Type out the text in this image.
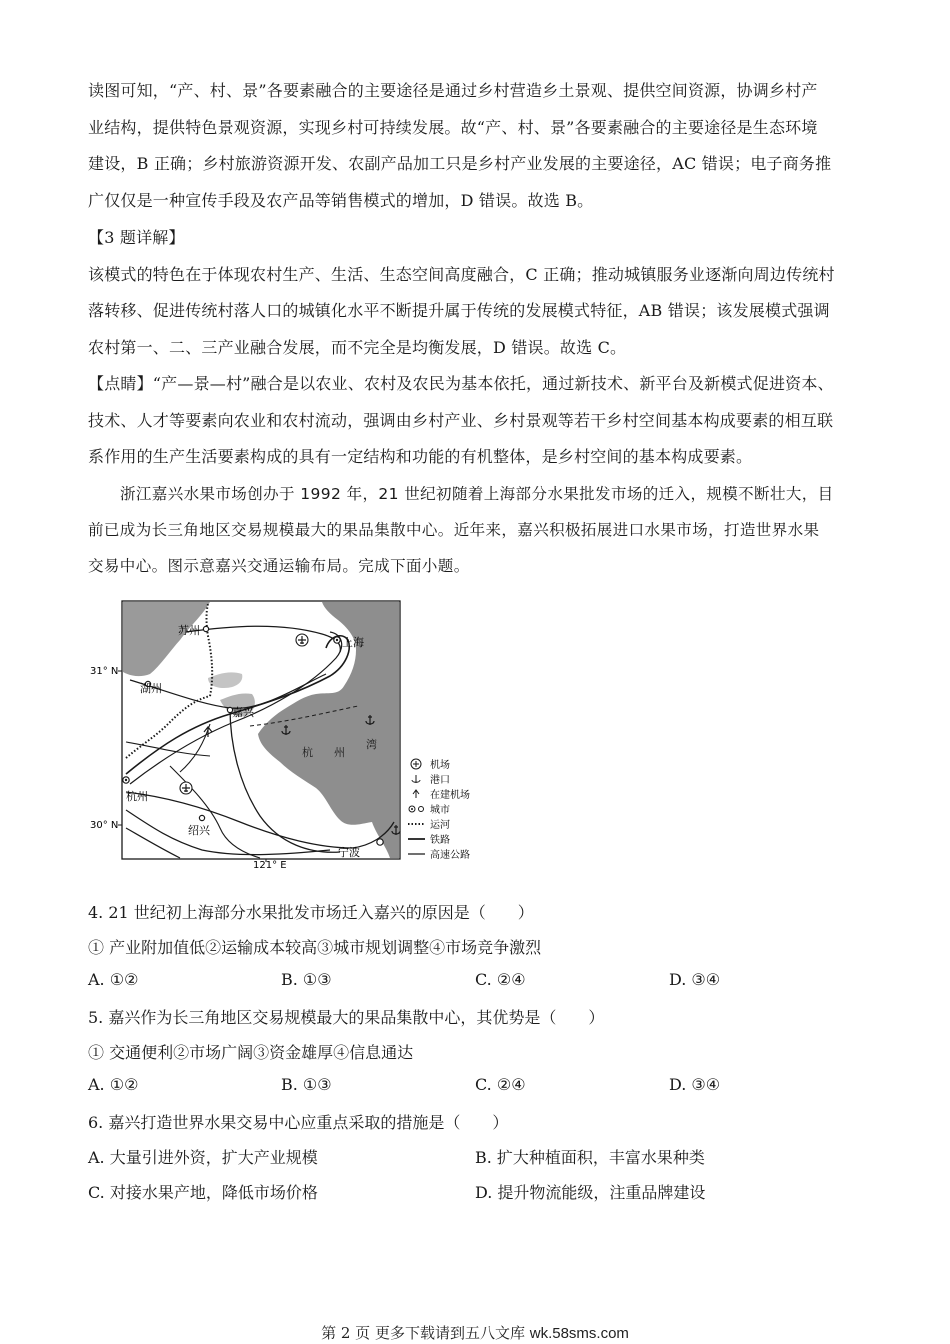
读图可知，“产、村、景”各要素融合的主要途径是通过乡村营造乡土景观、提供空间资源，协调乡村产
业结构，提供特色景观资源，实现乡村可持续发展。故“产、村、景”各要素融合的主要途径是生态环境
建设，B 正确；乡村旅游资源开发、农副产品加工只是乡村产业发展的主要途径，AC 错误；电子商务推
广仅仅是一种宣传手段及农产品等销售模式的增加，D 错误。故选 B。
【3 题详解】
该模式的特色在于体现农村生产、生活、生态空间高度融合，C 正确；推动城镇服务业逐渐向周边传统村
落转移、促进传统村落人口的城镇化水平不断提升属于传统的发展模式特征，AB 错误；该发展模式强调
农村第一、二、三产业融合发展，而不完全是均衡发展，D 错误。故选 C。
【点睛】“产—景—村”融合是以农业、农村及农民为基本依托，通过新技术、新平台及新模式促进资本、
技术、人才等要素向农业和农村流动，强调由乡村产业、乡村景观等若干乡村空间基本构成要素的相互联
系作用的生产生活要素构成的具有一定结构和功能的有机整体，是乡村空间的基本构成要素。
浙江嘉兴水果市场创办于 1992 年，21 世纪初随着上海部分水果批发市场的迁入，规模不断壮大，目
前已成为长三角地区交易规模最大的果品集散中心。近年来，嘉兴积极拓展进口水果市场，打造世界水果
交易中心。图示意嘉兴交通运输布局。完成下面小题。
苏州
上海
湖州
嘉兴
杭州
绍兴
宁波
杭 州
湾
31° N
30° N
121° E
机场
港口
在建机场
城市
运河
铁路
高速公路
4. 21 世纪初上海部分水果批发市场迁入嘉兴的原因是（　　）
① 产业附加值低②运输成本较高③城市规划调整④市场竞争激烈
A. ①②	B. ①③	C. ②④	D. ③④
5. 嘉兴作为长三角地区交易规模最大的果品集散中心，其优势是（　　）
① 交通便利②市场广阔③资金雄厚④信息通达
A. ①②	B. ①③	C. ②④	D. ③④
6. 嘉兴打造世界水果交易中心应重点采取的措施是（　　）
A. 大量引进外资，扩大产业规模	B. 扩大种植面积，丰富水果种类
C. 对接水果产地，降低市场价格	D. 提升物流能级，注重品牌建设
第 2 页 更多下载请到五八文库 wk.58sms.com
